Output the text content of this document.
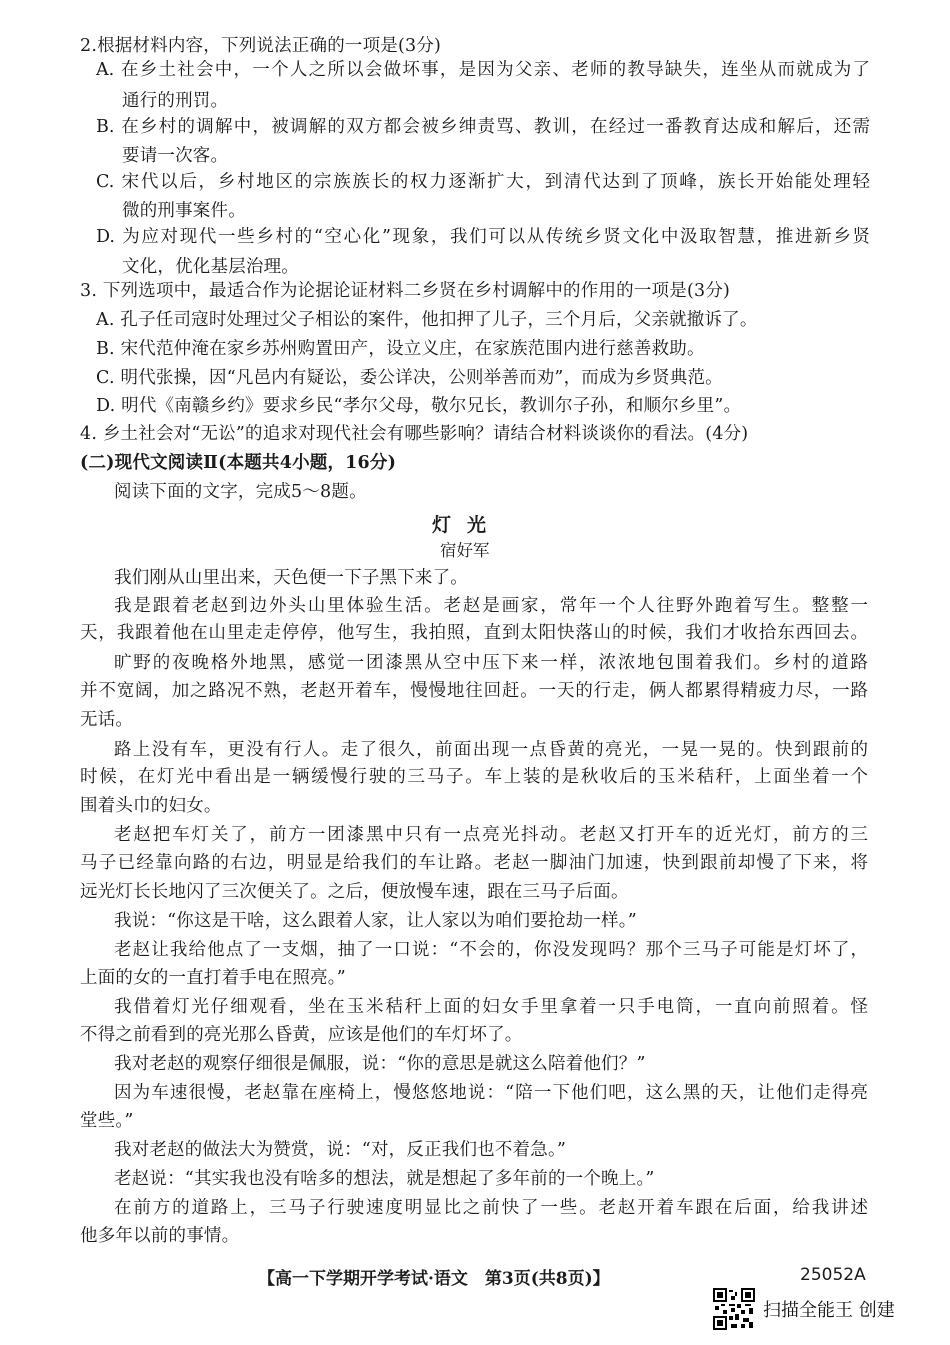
2.根据材料内容，下列说法正确的一项是(3分)
A. 在乡土社会中，一个人之所以会做坏事，是因为父亲、老师的教导缺失，连坐从而就成为了
通行的刑罚。
B. 在乡村的调解中，被调解的双方都会被乡绅责骂、教训，在经过一番教育达成和解后，还需
要请一次客。
C. 宋代以后，乡村地区的宗族族长的权力逐渐扩大，到清代达到了顶峰，族长开始能处理轻
微的刑事案件。
D. 为应对现代一些乡村的“空心化”现象，我们可以从传统乡贤文化中汲取智慧，推进新乡贤
文化，优化基层治理。
3. 下列选项中，最适合作为论据论证材料二乡贤在乡村调解中的作用的一项是(3分)
A. 孔子任司寇时处理过父子相讼的案件，他扣押了儿子，三个月后，父亲就撤诉了。
B. 宋代范仲淹在家乡苏州购置田产，设立义庄，在家族范围内进行慈善救助。
C. 明代张操，因“凡邑内有疑讼，委公详决，公则举善而劝”，而成为乡贤典范。
D. 明代《南赣乡约》要求乡民“孝尔父母，敬尔兄长，教训尔子孙，和顺尔乡里”。
4. 乡土社会对“无讼”的追求对现代社会有哪些影响？请结合材料谈谈你的看法。(4分)
(二)现代文阅读Ⅱ(本题共4小题，16分)
阅读下面的文字，完成5～8题。
灯光
宿好军
我们刚从山里出来，天色便一下子黑下来了。
我是跟着老赵到边外头山里体验生活。老赵是画家，常年一个人往野外跑着写生。整整一
天，我跟着他在山里走走停停，他写生，我拍照，直到太阳快落山的时候，我们才收拾东西回去。
旷野的夜晚格外地黑，感觉一团漆黑从空中压下来一样，浓浓地包围着我们。乡村的道路
并不宽阔，加之路况不熟，老赵开着车，慢慢地往回赶。一天的行走，俩人都累得精疲力尽，一路
无话。
路上没有车，更没有行人。走了很久，前面出现一点昏黄的亮光，一晃一晃的。快到跟前的
时候，在灯光中看出是一辆缓慢行驶的三马子。车上装的是秋收后的玉米秸秆，上面坐着一个
围着头巾的妇女。
老赵把车灯关了，前方一团漆黑中只有一点亮光抖动。老赵又打开车的近光灯，前方的三
马子已经靠向路的右边，明显是给我们的车让路。老赵一脚油门加速，快到跟前却慢了下来，将
远光灯长长地闪了三次便关了。之后，便放慢车速，跟在三马子后面。
我说：“你这是干啥，这么跟着人家，让人家以为咱们要抢劫一样。”
老赵让我给他点了一支烟，抽了一口说：“不会的，你没发现吗？那个三马子可能是灯坏了，
上面的女的一直打着手电在照亮。”
我借着灯光仔细观看，坐在玉米秸秆上面的妇女手里拿着一只手电筒，一直向前照着。怪
不得之前看到的亮光那么昏黄，应该是他们的车灯坏了。
我对老赵的观察仔细很是佩服，说：“你的意思是就这么陪着他们？”
因为车速很慢，老赵靠在座椅上，慢悠悠地说：“陪一下他们吧，这么黑的天，让他们走得亮
堂些。”
我对老赵的做法大为赞赏，说：“对，反正我们也不着急。”
老赵说：“其实我也没有啥多的想法，就是想起了多年前的一个晚上。”
在前方的道路上，三马子行驶速度明显比之前快了一些。老赵开着车跟在后面，给我讲述
他多年以前的事情。
【高一下学期开学考试·语文　第3页(共8页)】	25052A
扫描全能王 创建
